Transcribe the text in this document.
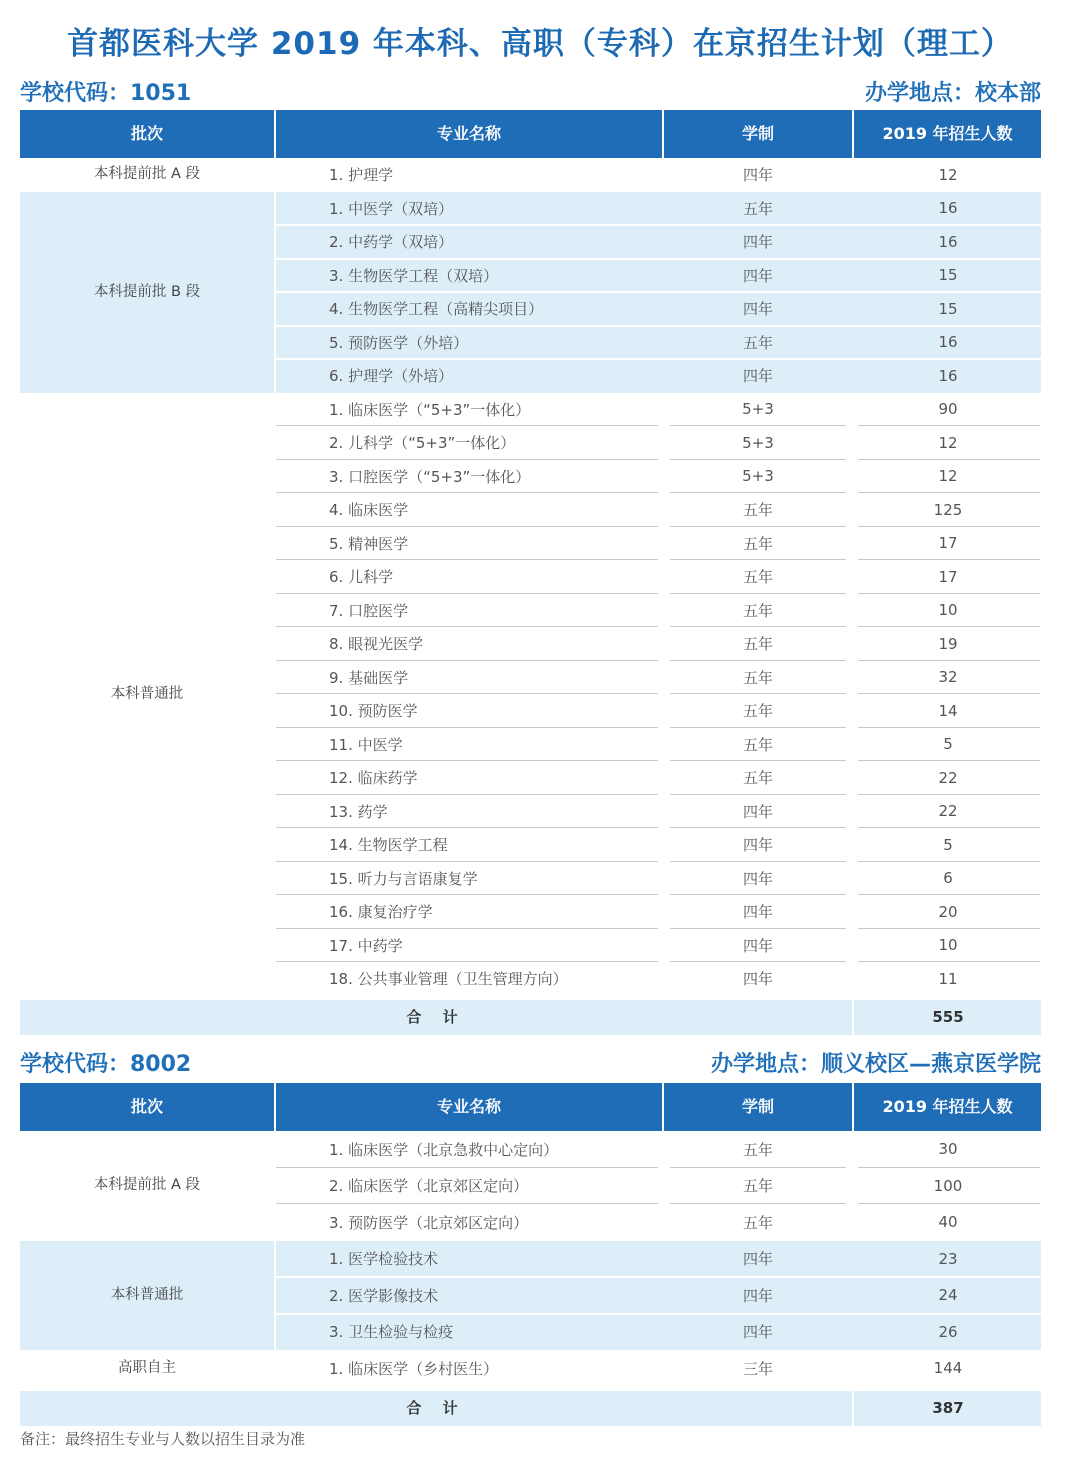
首都医科大学 2019 年本科、高职（专科）在京招生计划（理工）
学校代码：1051	办学地点：校本部
批次	专业名称	学制	2019 年招生人数
本科提前批 A 段	1. 护理学	四年	12
本科提前批 B 段
1. 中医学（双培）	五年	16
2. 中药学（双培）	四年	16
3. 生物医学工程（双培）	四年	15
4. 生物医学工程（高精尖项目）	四年	15
5. 预防医学（外培）	五年	16
6. 护理学（外培）	四年	16
本科普通批
1. 临床医学（“5+3”一体化）	5+3	90
2. 儿科学（“5+3”一体化）	5+3	12
3. 口腔医学（“5+3”一体化）	5+3	12
4. 临床医学	五年	125
5. 精神医学	五年	17
6. 儿科学	五年	17
7. 口腔医学	五年	10
8. 眼视光医学	五年	19
9. 基础医学	五年	32
10. 预防医学	五年	14
11. 中医学	五年	5
12. 临床药学	五年	22
13. 药学	四年	22
14. 生物医学工程	四年	5
15. 听力与言语康复学	四年	6
16. 康复治疗学	四年	20
17. 中药学	四年	10
18. 公共事业管理（卫生管理方向）	四年	11
合 计	555
学校代码：8002	办学地点：顺义校区—燕京医学院
批次	专业名称	学制	2019 年招生人数
本科提前批 A 段
1. 临床医学（北京急救中心定向）	五年	30
2. 临床医学（北京郊区定向）	五年	100
3. 预防医学（北京郊区定向）	五年	40
本科普通批
1. 医学检验技术	四年	23
2. 医学影像技术	四年	24
3. 卫生检验与检疫	四年	26
高职自主	1. 临床医学（乡村医生）	三年	144
合 计	387
备注：最终招生专业与人数以招生目录为准
